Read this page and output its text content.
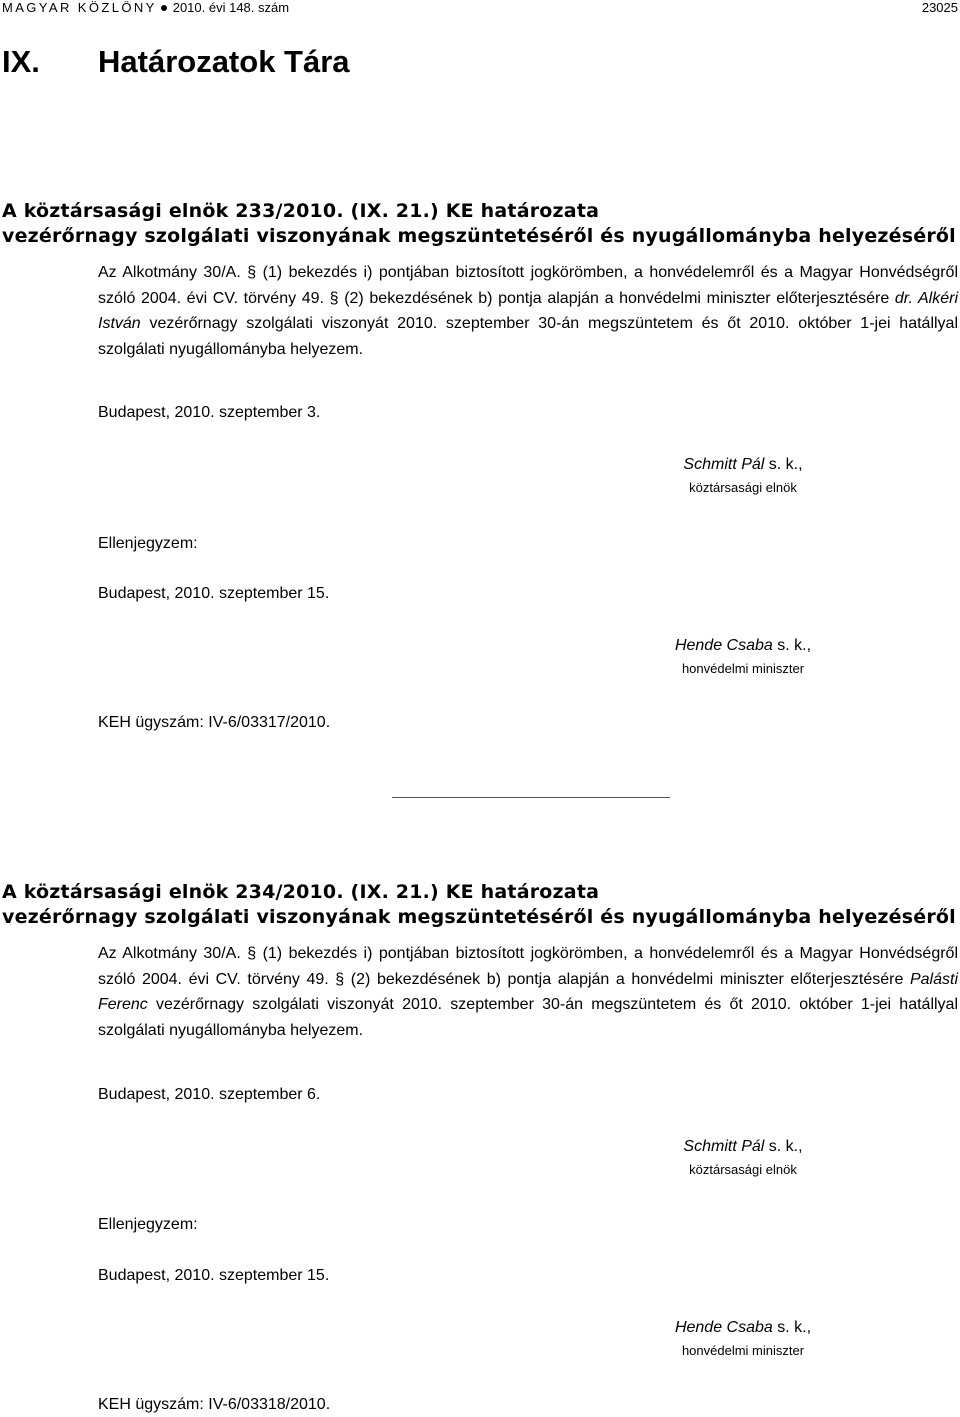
MAGYAR KÖZLÖNY 2010. évi 148. szám	23025
IX. Határozatok Tára
A köztársasági elnök 233/2010. (IX. 21.) KE határozata
vezérőrnagy szolgálati viszonyának megszüntetéséről és nyugállományba helyezéséről
Az Alkotmány 30/A. § (1) bekezdés i) pontjában biztosított jogkörömben, a honvédelemről és a Magyar Honvédségről szóló 2004. évi CV. törvény 49. § (2) bekezdésének b) pontja alapján a honvédelmi miniszter előterjesztésére dr. Alkéri István vezérőrnagy szolgálati viszonyát 2010. szeptember 30-án megszüntetem és őt 2010. október 1-jei hatállyal szolgálati nyugállományba helyezem.
Budapest, 2010. szeptember 3.
Schmitt Pál s. k.,
köztársasági elnök
Ellenjegyzem:
Budapest, 2010. szeptember 15.
Hende Csaba s. k.,
honvédelmi miniszter
KEH ügyszám: IV-6/03317/2010.
A köztársasági elnök 234/2010. (IX. 21.) KE határozata
vezérőrnagy szolgálati viszonyának megszüntetéséről és nyugállományba helyezéséről
Az Alkotmány 30/A. § (1) bekezdés i) pontjában biztosított jogkörömben, a honvédelemről és a Magyar Honvédségről szóló 2004. évi CV. törvény 49. § (2) bekezdésének b) pontja alapján a honvédelmi miniszter előterjesztésére Palásti Ferenc vezérőrnagy szolgálati viszonyát 2010. szeptember 30-án megszüntetem és őt 2010. október 1-jei hatállyal szolgálati nyugállományba helyezem.
Budapest, 2010. szeptember 6.
Schmitt Pál s. k.,
köztársasági elnök
Ellenjegyzem:
Budapest, 2010. szeptember 15.
Hende Csaba s. k.,
honvédelmi miniszter
KEH ügyszám: IV-6/03318/2010.
